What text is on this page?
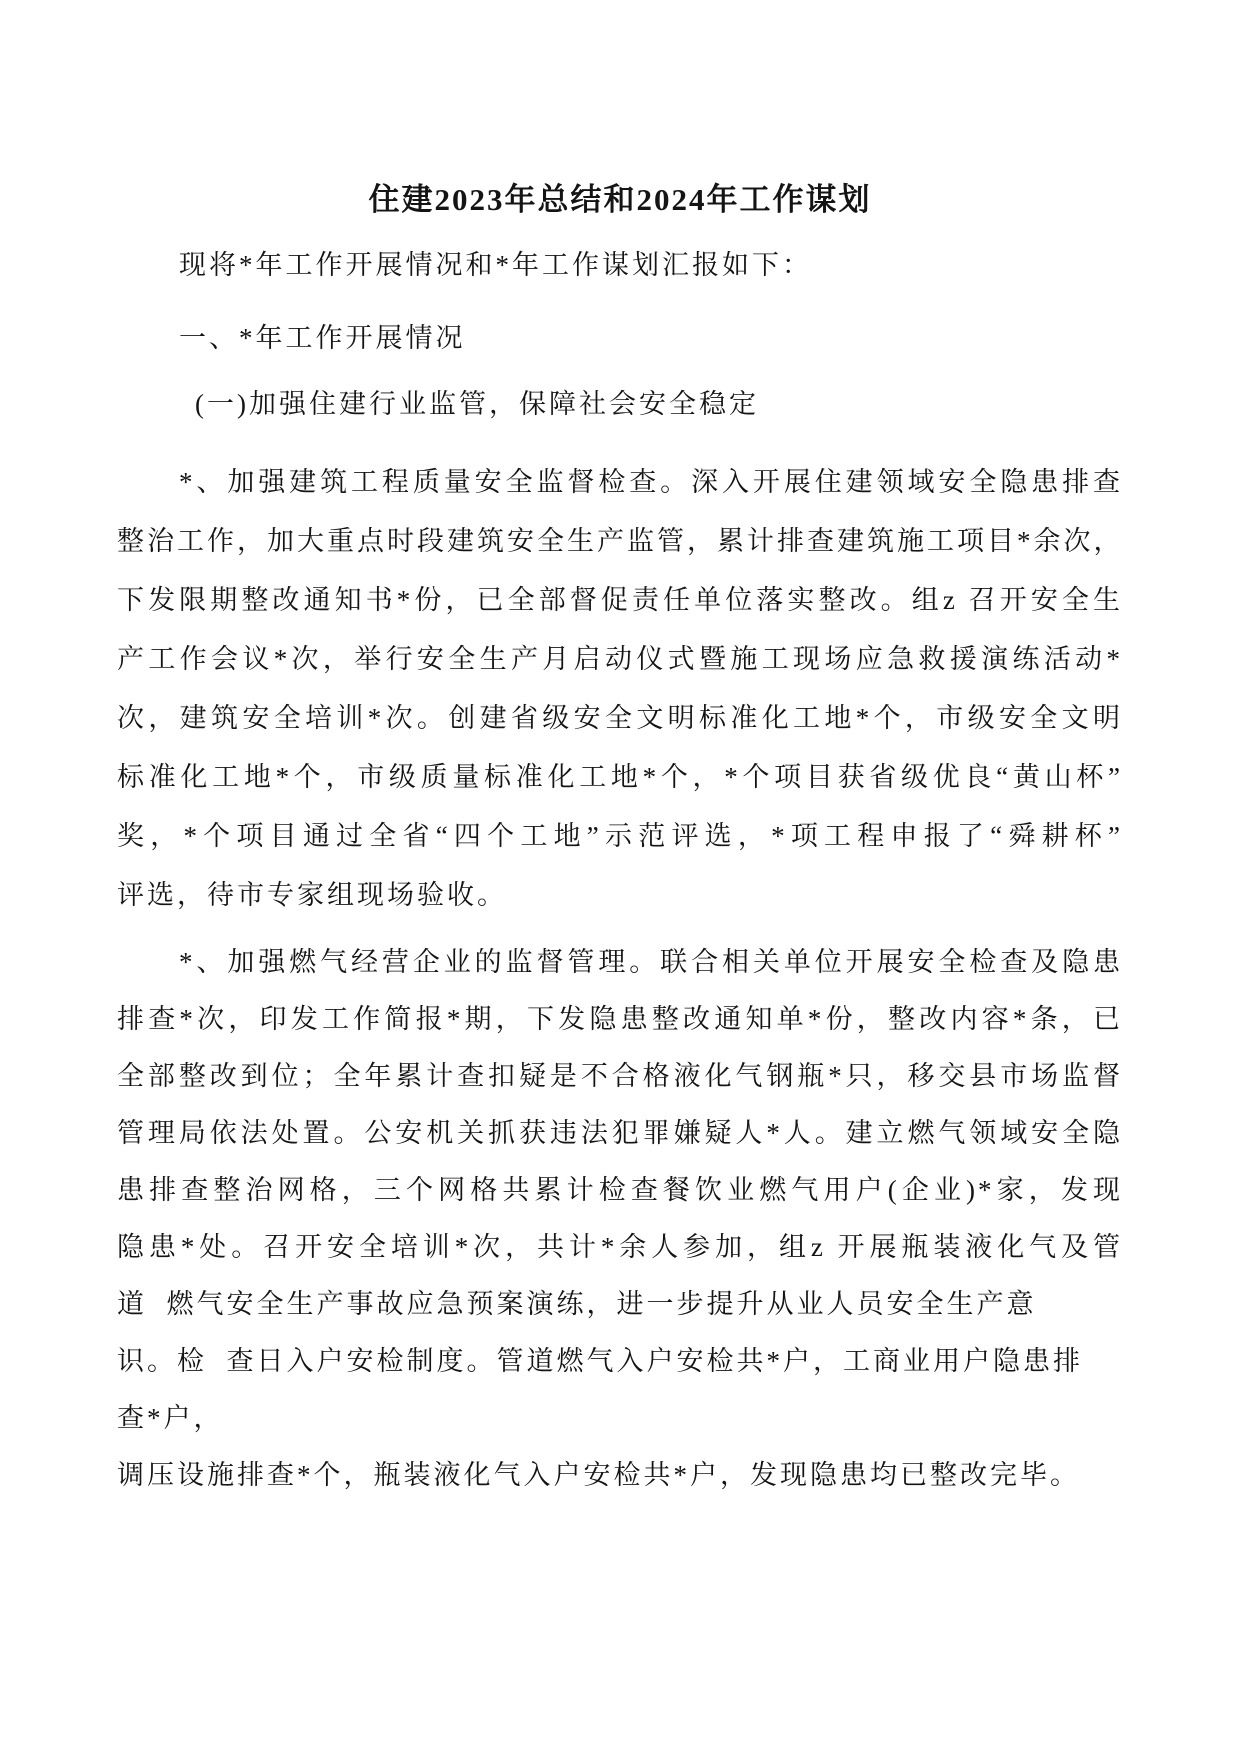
住建2023年总结和2024年工作谋划
现将*年工作开展情况和*年工作谋划汇报如下：
一、*年工作开展情况
(一)加强住建行业监管，保障社会安全稳定
*、加强建筑工程质量安全监督检查。深入开展住建领域安全隐患排查
整治工作，加大重点时段建筑安全生产监管，累计排查建筑施工项目*余次，
下发限期整改通知书*份，已全部督促责任单位落实整改。组z 召开安全生
产工作会议*次，举行安全生产月启动仪式暨施工现场应急救援演练活动*
次，建筑安全培训*次。创建省级安全文明标准化工地*个，市级安全文明
标准化工地*个，市级质量标准化工地*个，*个项目获省级优良“黄山杯”
奖，*个项目通过全省“四个工地”示范评选，*项工程申报了“舜耕杯”
评选，待市专家组现场验收。
*、加强燃气经营企业的监督管理。联合相关单位开展安全检查及隐患
排查*次，印发工作简报*期，下发隐患整改通知单*份，整改内容*条，已
全部整改到位；全年累计查扣疑是不合格液化气钢瓶*只，移交县市场监督
管理局依法处置。公安机关抓获违法犯罪嫌疑人*人。建立燃气领域安全隐
患排查整治网格，三个网格共累计检查餐饮业燃气用户(企业)*家，发现
隐患*处。召开安全培训*次，共计*余人参加，组z 开展瓶装液化气及管
道  燃气安全生产事故应急预案演练，进一步提升从业人员安全生产意
识。检  查日入户安检制度。管道燃气入户安检共*户，工商业用户隐患排
查*户，
调压设施排查*个，瓶装液化气入户安检共*户，发现隐患均已整改完毕。
